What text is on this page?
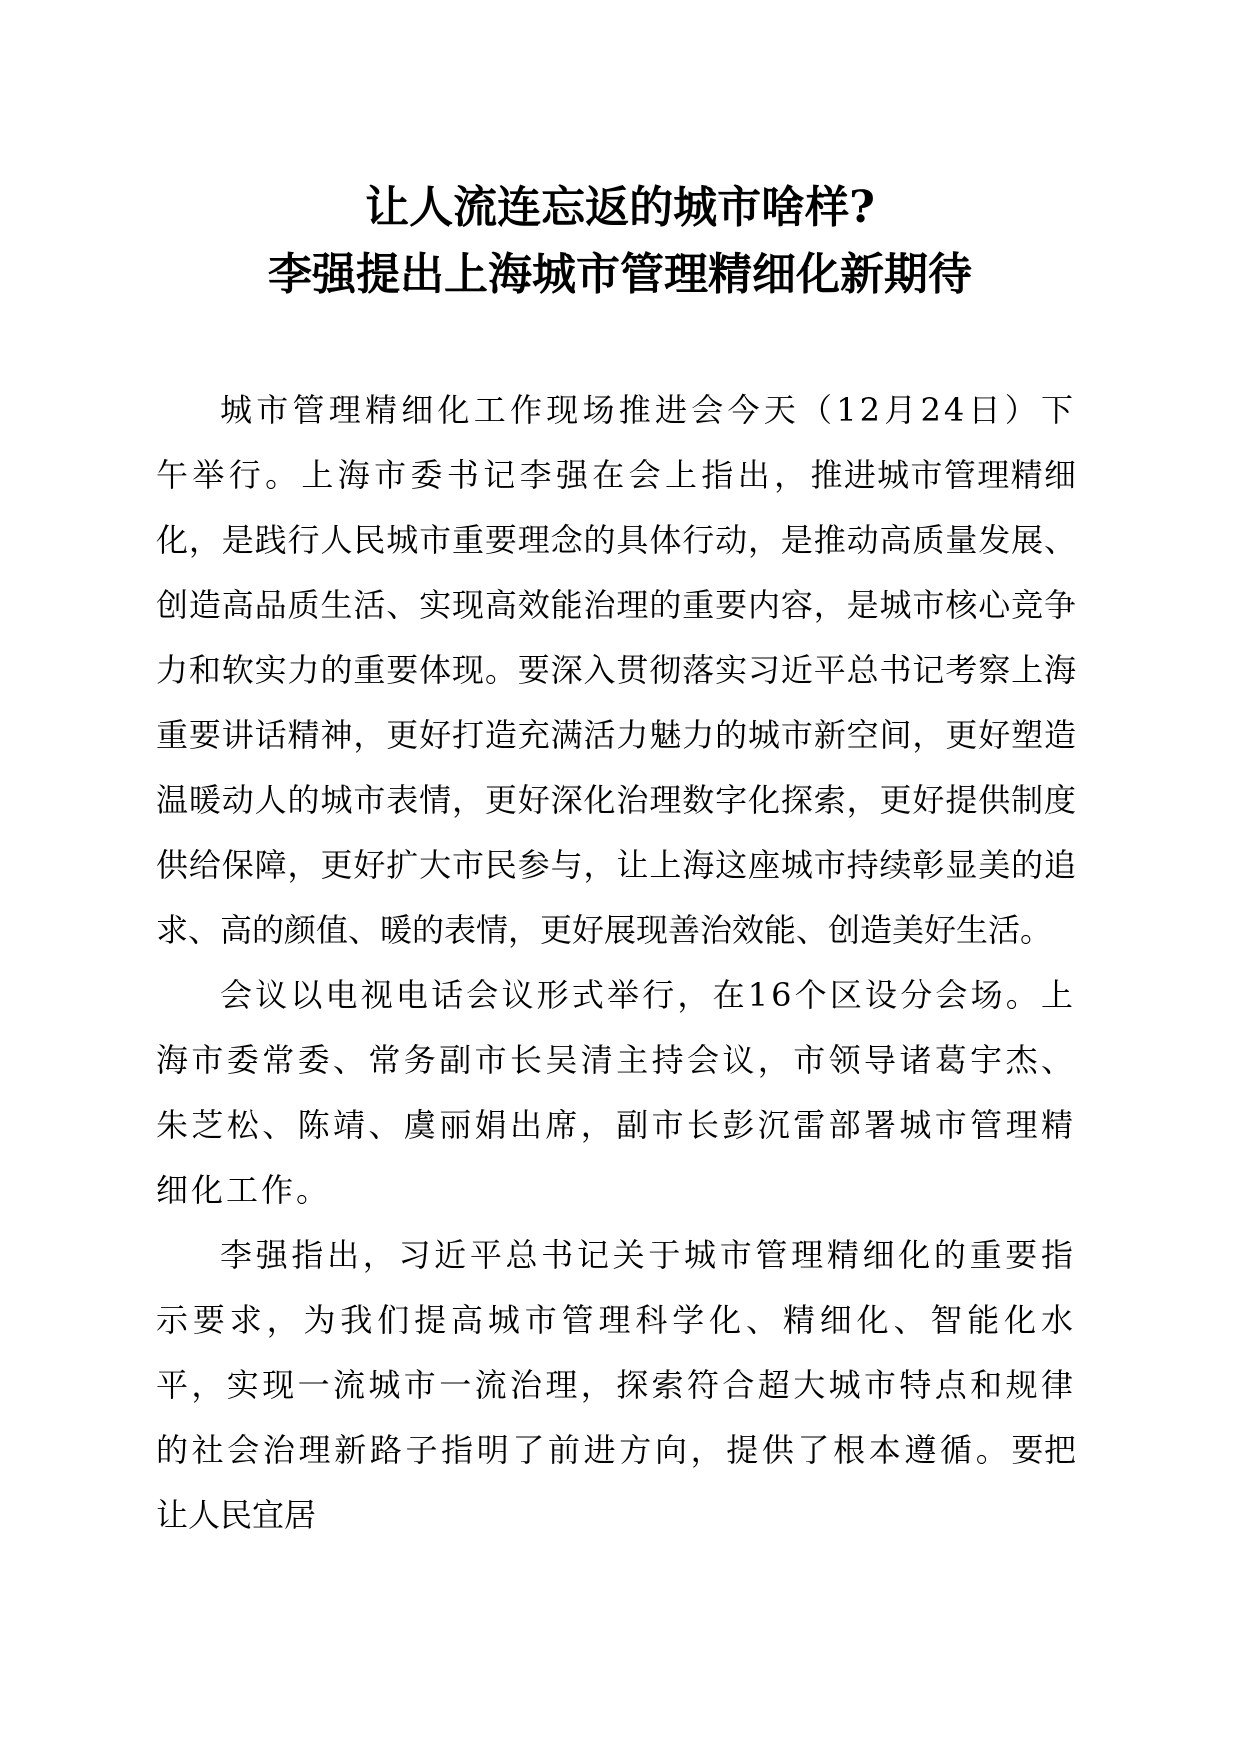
让人流连忘返的城市啥样?
李强提出上海城市管理精细化新期待

城市管理精细化工作现场推进会今天（12月24日）下午举行。上海市委书记李强在会上指出，推进城市管理精细化，是践行人民城市重要理念的具体行动，是推动高质量发展、创造高品质生活、实现高效能治理的重要内容，是城市核心竞争力和软实力的重要体现。要深入贯彻落实习近平总书记考察上海重要讲话精神，更好打造充满活力魅力的城市新空间，更好塑造温暖动人的城市表情，更好深化治理数字化探索，更好提供制度供给保障，更好扩大市民参与，让上海这座城市持续彰显美的追求、高的颜值、暖的表情，更好展现善治效能、创造美好生活。

会议以电视电话会议形式举行，在16个区设分会场。上海市委常委、常务副市长吴清主持会议，市领导诸葛宇杰、朱芝松、陈靖、虞丽娟出席，副市长彭沉雷部署城市管理精细化工作。

李强指出，习近平总书记关于城市管理精细化的重要指示要求，为我们提高城市管理科学化、精细化、智能化水平，实现一流城市一流治理，探索符合超大城市特点和规律的社会治理新路子指明了前进方向，提供了根本遵循。要把让人民宜居
